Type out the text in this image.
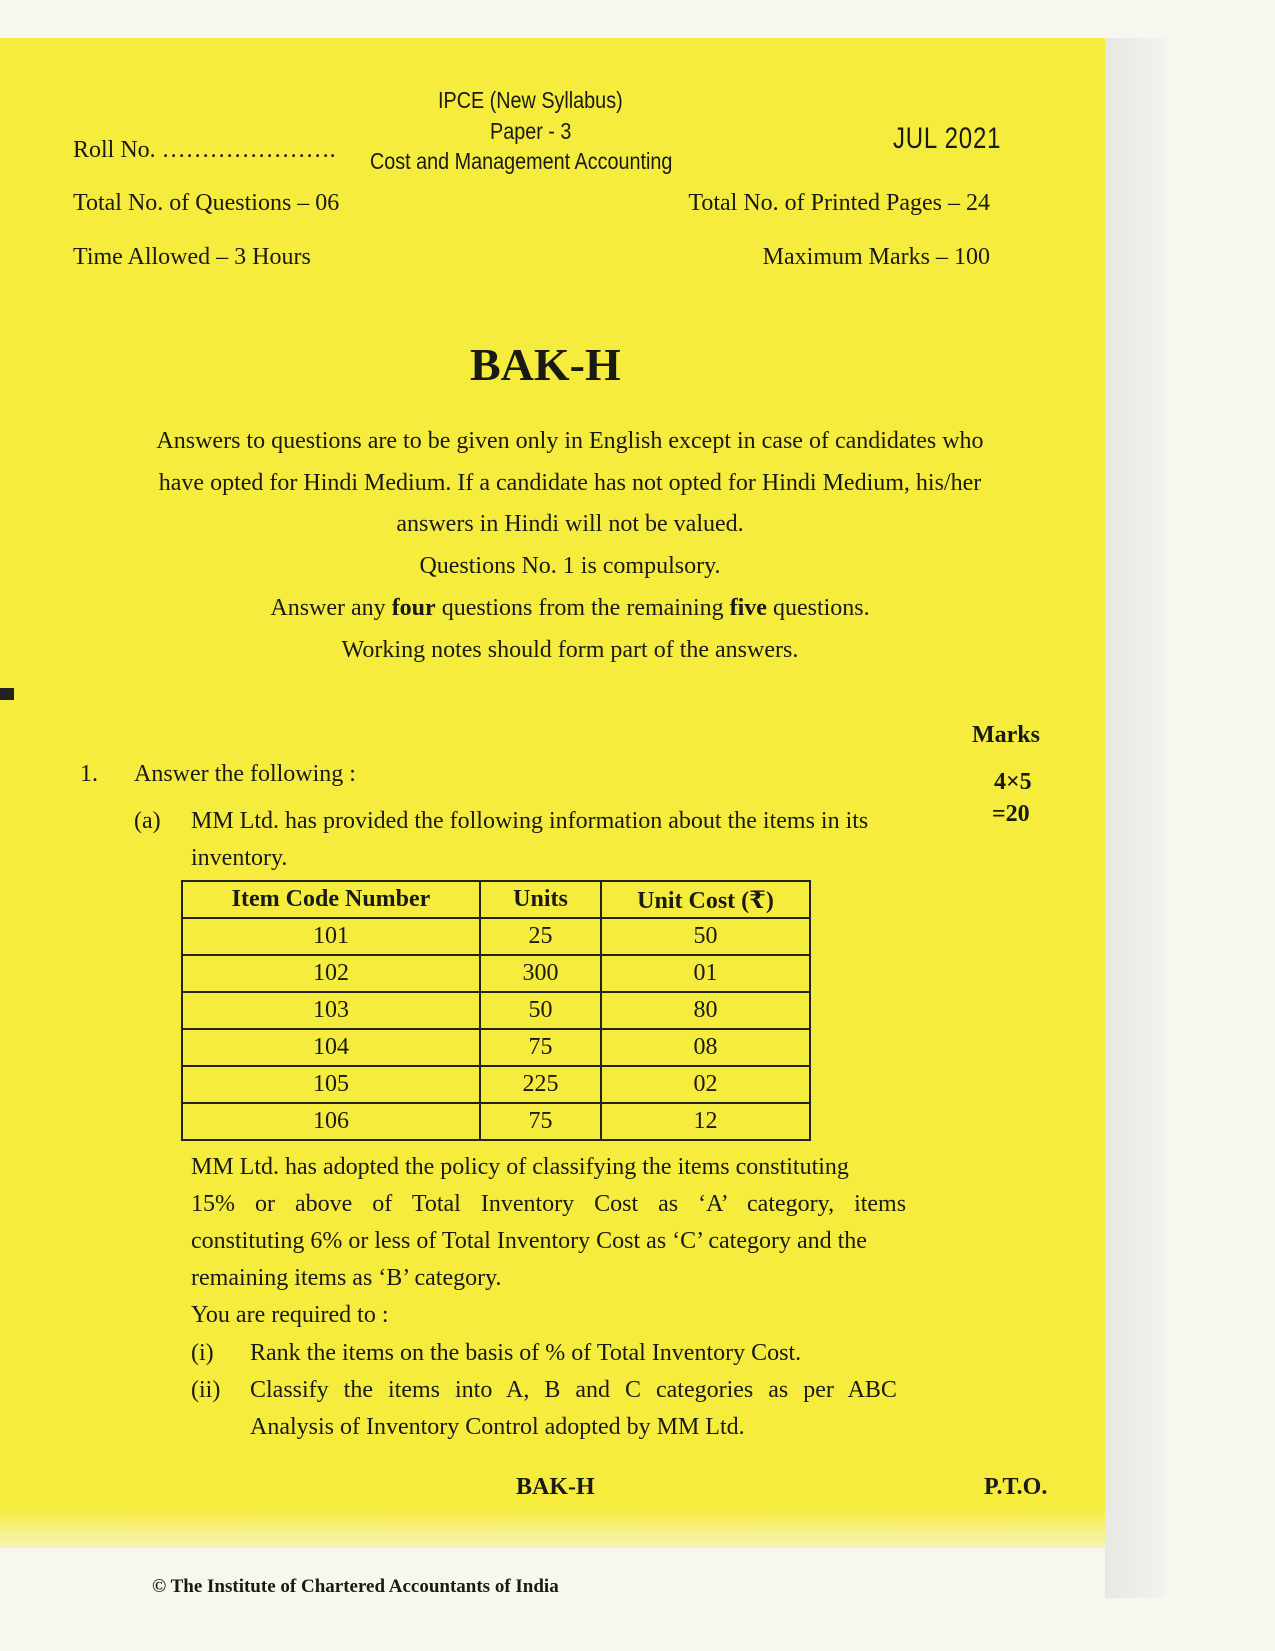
IPCE (New Syllabus)
Paper - 3
Cost and Management Accounting
Roll No. ………………….	JUL 2021
Total No. of Questions – 06	Total No. of Printed Pages – 24
Time Allowed – 3 Hours	Maximum Marks – 100
BAK-H
Answers to questions are to be given only in English except in case of candidates who
have opted for Hindi Medium. If a candidate has not opted for Hindi Medium, his/her
answers in Hindi will not be valued.
Questions No. 1 is compulsory.
Answer any four questions from the remaining five questions.
Working notes should form part of the answers.
Marks
4×5
=20
1. Answer the following :
(a) MM Ltd. has provided the following information about the items in its
inventory.
Item Code Number	Units	Unit Cost (₹)
101	25	50
102	300	01
103	50	80
104	75	08
105	225	02
106	75	12
MM Ltd. has adopted the policy of classifying the items constituting
15% or above of Total Inventory Cost as ‘A’ category, items
constituting 6% or less of Total Inventory Cost as ‘C’ category and the
remaining items as ‘B’ category.
You are required to :
(i) Rank the items on the basis of % of Total Inventory Cost.
(ii) Classify the items into A, B and C categories as per ABC
Analysis of Inventory Control adopted by MM Ltd.
BAK-H	P.T.O.
© The Institute of Chartered Accountants of India
